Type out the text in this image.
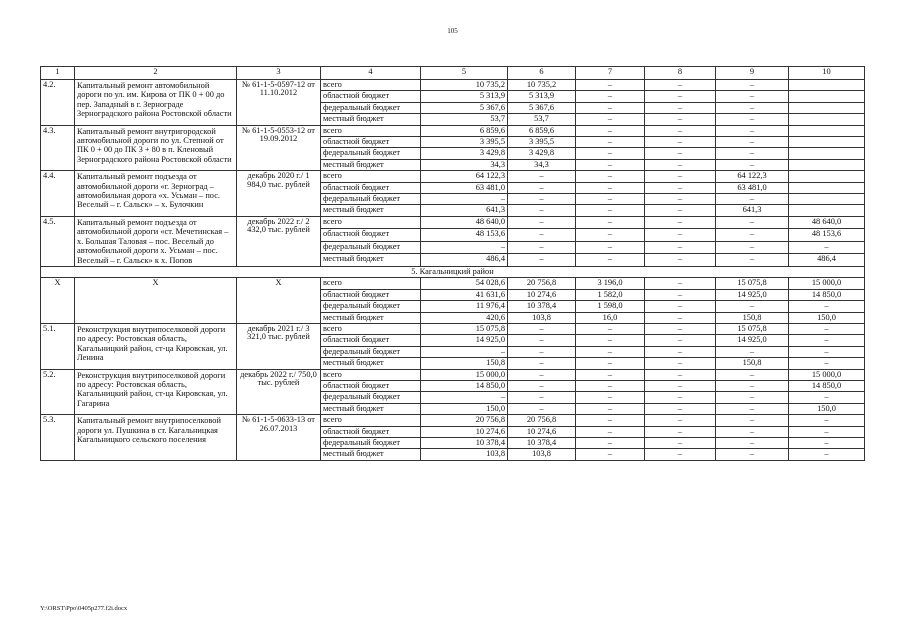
105
1	2	3	4	5	6	7	8	9	10
4.2.	Капитальный ремонт автомобильной дороги по ул. им. Кирова от ПК 0 + 00 до пер. Западный в г. Зернограде Зерноградского района Ростовской области	№ 61-1-5-0597-12 от 11.10.2012	всего	10 735,2	10 735,2	–	–	–	
			областной бюджет	5 313,9	5 313,9	–	–	–	
			федеральный бюджет	5 367,6	5 367,6	–	–	–	
			местный бюджет	53,7	53,7	–	–	–	
4.3.	Капитальный ремонт внутригородской автомобильной дороги по ул. Степной от ПК 0 + 00 до ПК 3 + 80 в п. Кленовый Зерноградского района Ростовской области	№ 61-1-5-0553-12 от 19.09.2012	всего	6 859,6	6 859,6	–	–	–	
			областной бюджет	3 395,5	3 395,5	–	–	–	
			федеральный бюджет	3 429,8	3 429,8	–	–	–	
			местный бюджет	34,3	34,3	–	–	–	
4.4.	Капитальный ремонт подъезда от автомобильной дороги «г. Зерноград – автомобильная дорога «х. Усьман – пос. Веселый – г. Сальск» – х. Булочкин	декабрь 2020 г./ 1 984,0 тыс. рублей	всего	64 122,3	–	–	–	64 122,3	
			областной бюджет	63 481,0	–	–	–	63 481,0	
			федеральный бюджет	–	–	–	–	–	
			местный бюджет	641,3	–	–	–	641,3	
4.5.	Капитальный ремонт подъезда от автомобильной дороги «ст. Мечетинская – х. Большая Таловая – пос. Веселый до автомобильной дороги х. Усьман – пос. Веселый – г. Сальск» к х. Попов	декабрь 2022 г./ 2 432,0 тыс. рублей	всего	48 640,0	–	–	–	–	48 640,0
			областной бюджет	48 153,6	–	–	–	–	48 153,6
			федеральный бюджет	–	–	–	–	–	–
			местный бюджет	486,4	–	–	–	–	486,4
5. Кагальницкий район									
Х	Х	Х	всего	54 028,6	20 756,8	3 196,0	–	15 075,8	15 000,0
			областной бюджет	41 631,6	10 274,6	1 582,0	–	14 925,0	14 850,0
			федеральный бюджет	11 976,4	10 378,4	1 598,0	–	–	–
			местный бюджет	420,6	103,8	16,0	–	150,8	150,0
5.1.	Реконструкция внутрипоселковой дороги по адресу: Ростовская область, Кагальницкий район, ст-ца Кировская, ул. Ленина	декабрь 2021 г./ 3 321,0 тыс. рублей	всего	15 075,8	–	–	–	15 075,8	–
			областной бюджет	14 925,0	–	–	–	14 925,0	–
			федеральный бюджет	–	–	–	–	–	–
			местный бюджет	150,8	–	–	–	150,8	–
5.2.	Реконструкция внутрипоселковой дороги по адресу: Ростовская область, Кагальницкий район, ст-ца Кировская, ул. Гагарина	декабрь 2022 г./ 750,0 тыс. рублей	всего	15 000,0	–	–	–	–	15 000,0
			областной бюджет	14 850,0	–	–	–	–	14 850,0
			федеральный бюджет	–	–	–	–	–	–
			местный бюджет	150,0	–	–	–	–	150,0
5.3.	Капитальный ремонт внутрипоселковой дороги ул. Пушкина в ст. Кагальницкая Кагальницкого сельского поселения	№ 61-1-5-0633-13 от 26.07.2013	всего	20 756,8	20 756,8	–	–	–	–
			областной бюджет	10 274,6	10 274,6	–	–	–	–
			федеральный бюджет	10 378,4	10 378,4	–	–	–	–
			местный бюджет	103,8	103,8	–	–	–	–
Y:\ORST\Ppo\0405p277.f2i.docx
